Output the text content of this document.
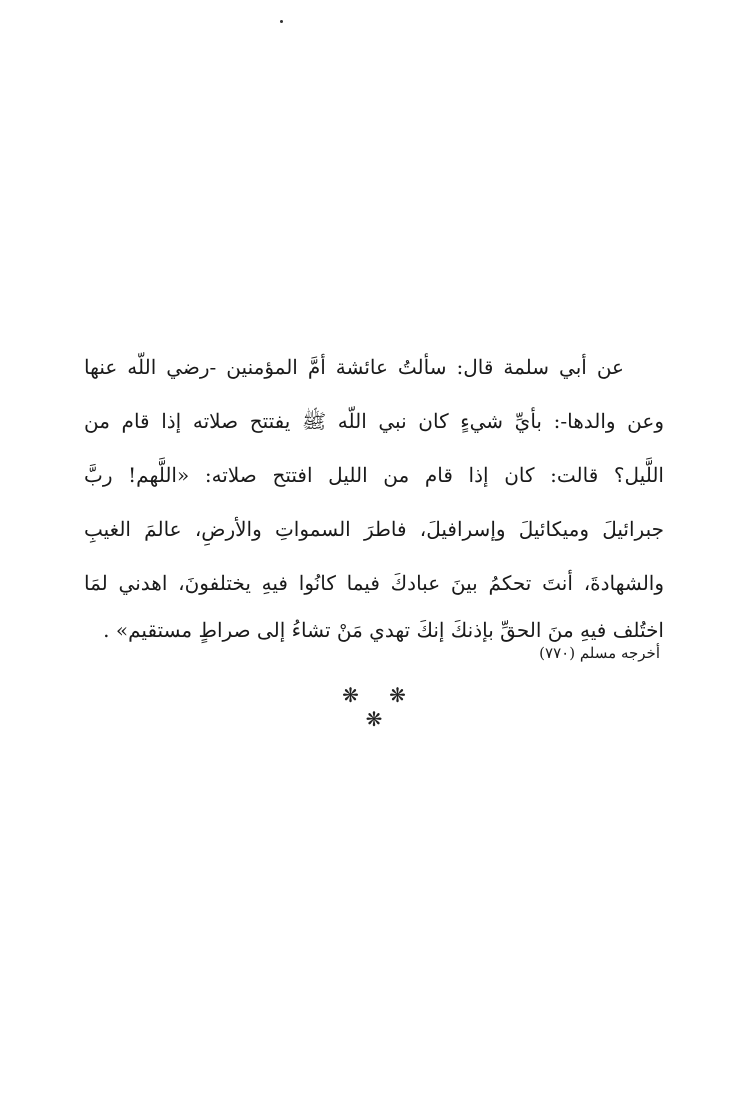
عن أبي سلمة قال: سألتُ عائشة أمَّ المؤمنين -رضي اللّه عنها
وعن والدها-: بأيِّ شيءٍ كان نبي اللّه ﷺ يفتتح صلاته إذا قام من
اللَّيل؟ قالت: كان إذا قام من الليل افتتح صلاته: «اللَّهم! ربَّ
جبرائيلَ وميكائيلَ وإسرافيلَ، فاطرَ السمواتِ والأرضِ، عالمَ الغيبِ
والشهادةَ، أنتَ تحكمُ بينَ عبادكَ فيما كانُوا فيهِ يختلفونَ، اهدني لمَا
اختُلف فيهِ منَ الحقِّ بإذنكَ إنكَ تهدي مَنْ تشاءُ إلى صراطٍ مستقيم» .
أخرجه مسلم (٧٧٠)
❋ ❋ ❋
